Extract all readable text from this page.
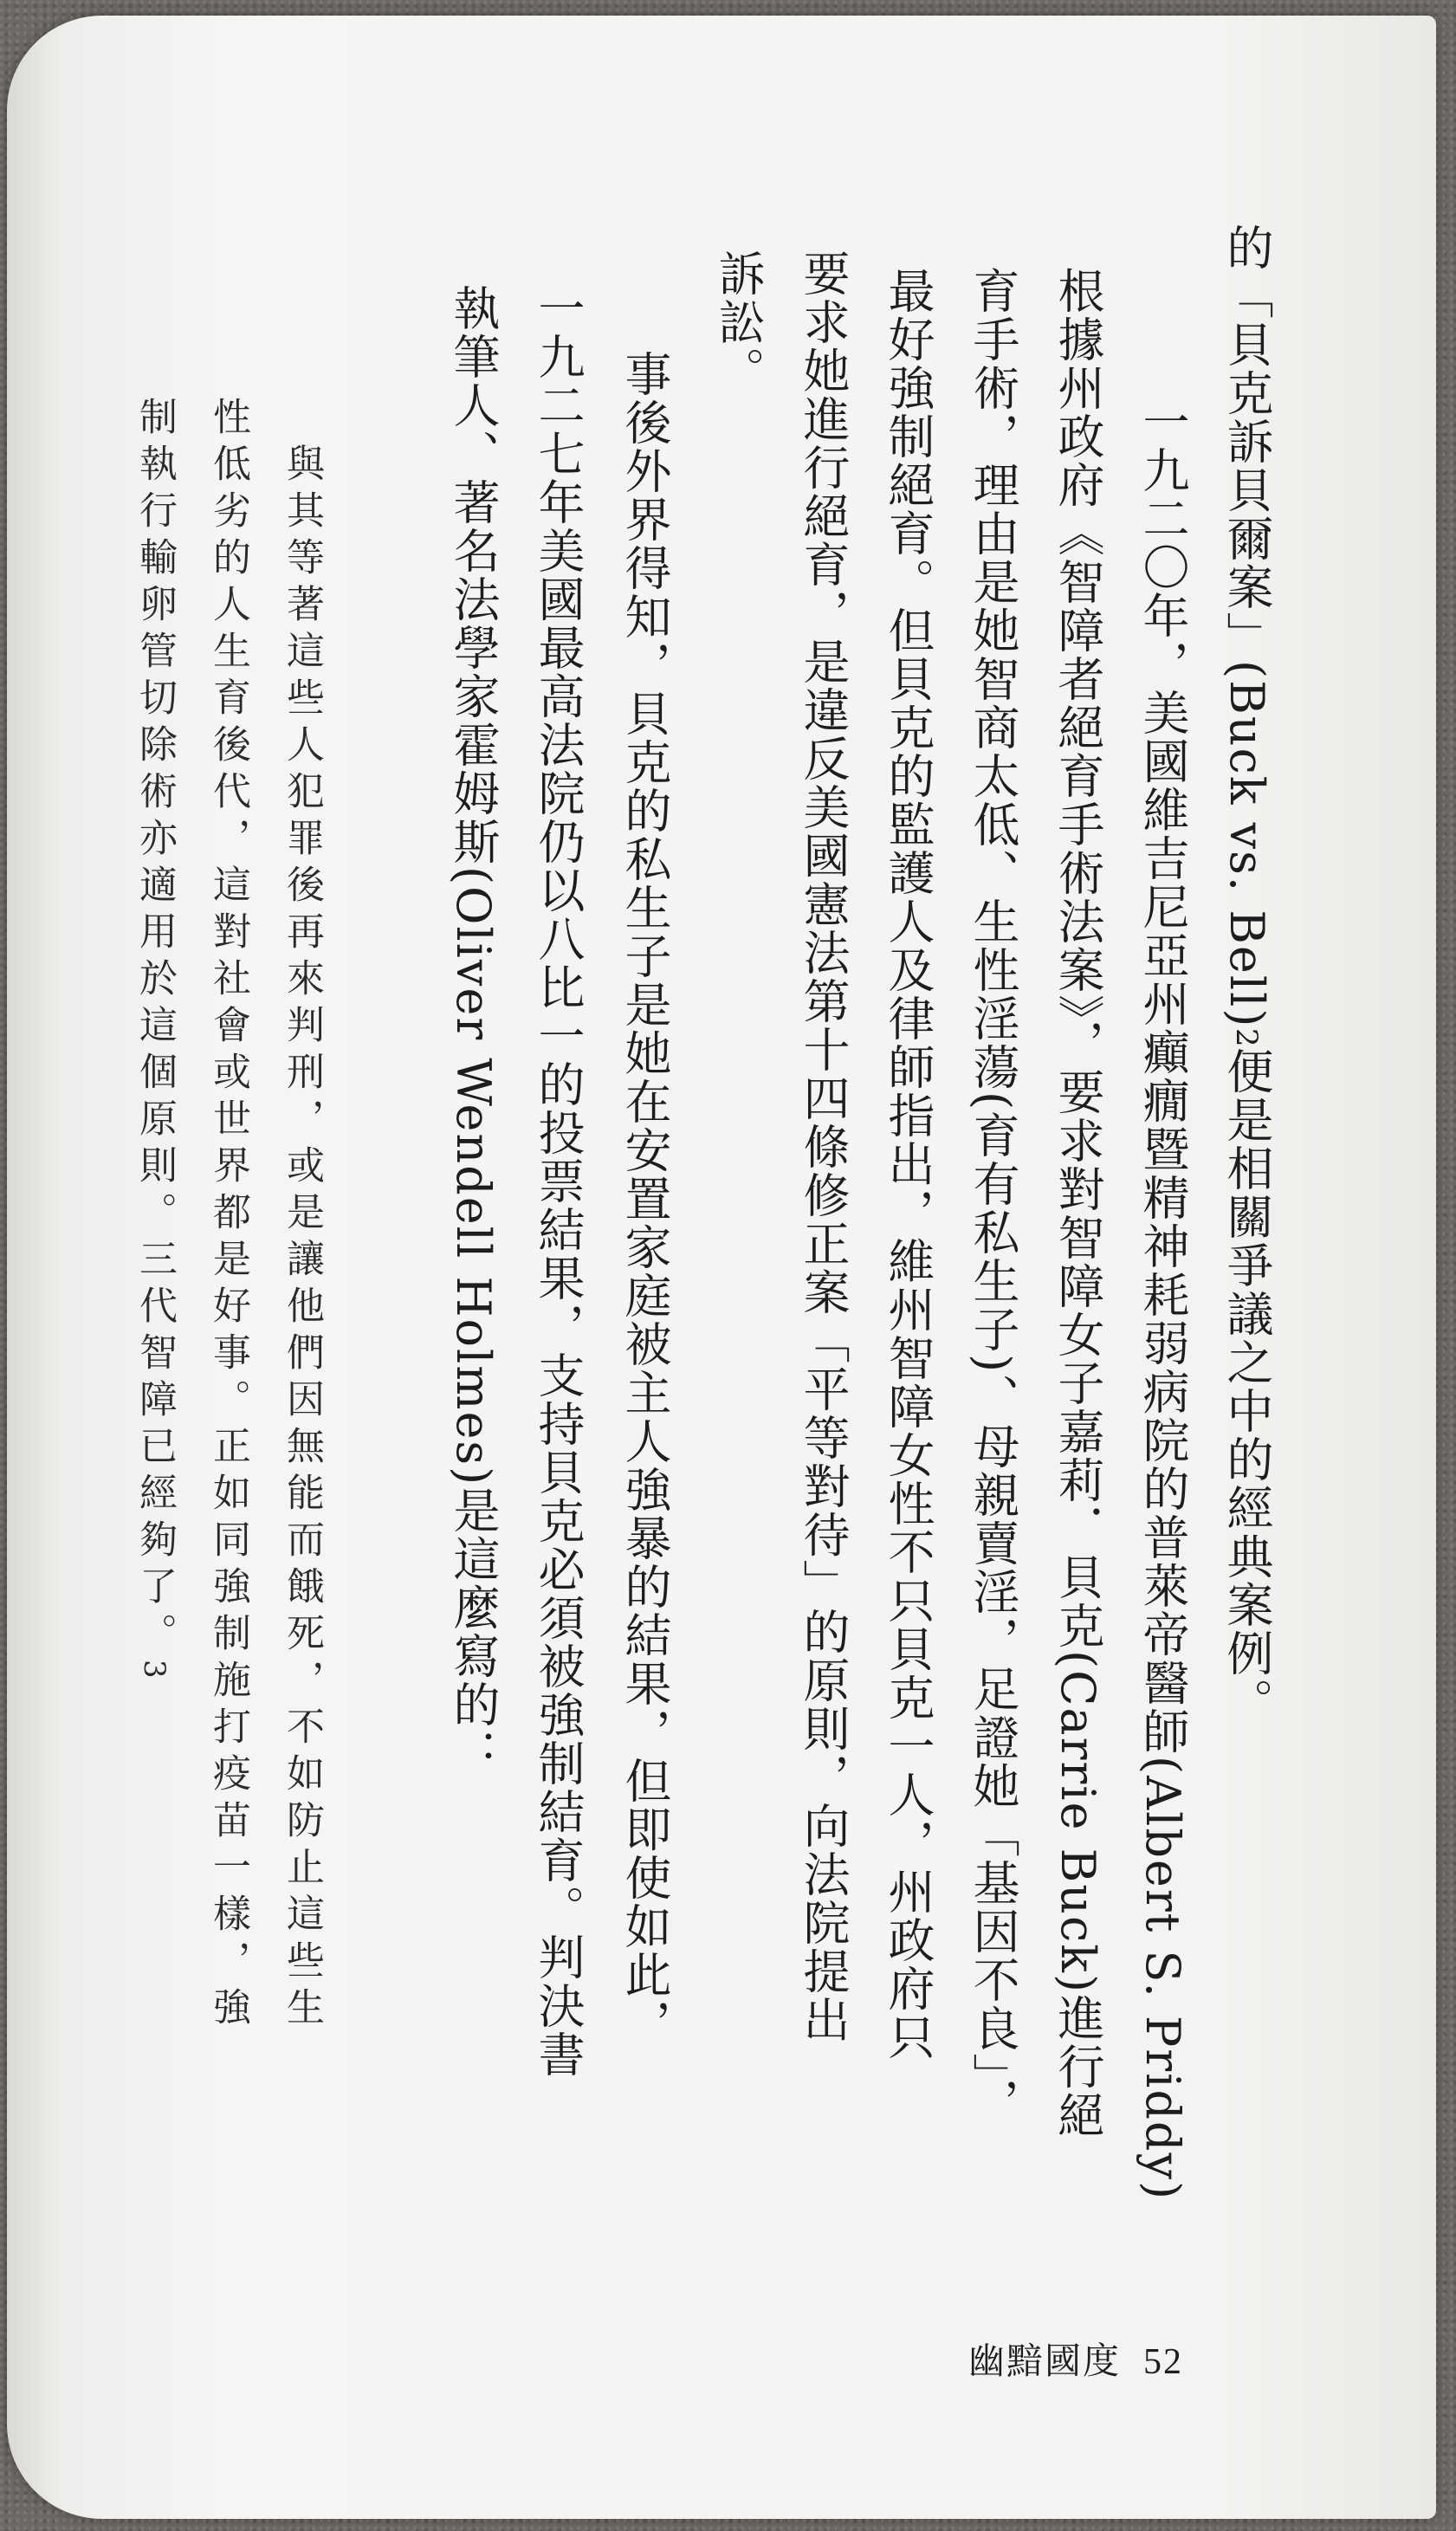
的「貝克訴貝爾案」(Buck vs. Bell)2便是相關爭議之中的經典案例。
　一九二〇年，美國維吉尼亞州癲癇暨精神耗弱病院的普萊帝醫師(Albert S. Priddy)
根據州政府《智障者絕育手術法案》，要求對智障女子嘉莉．貝克(Carrie Buck)進行絕
育手術，理由是她智商太低、生性淫蕩(育有私生子)、母親賣淫，足證她「基因不良」，
最好強制絕育。但貝克的監護人及律師指出，維州智障女性不只貝克一人，州政府只
要求她進行絕育，是違反美國憲法第十四條修正案「平等對待」的原則，向法院提出
訴訟。
　事後外界得知，貝克的私生子是她在安置家庭被主人強暴的結果，但即使如此，
一九二七年美國最高法院仍以八比一的投票結果，支持貝克必須被強制結育。判決書
執筆人、著名法學家霍姆斯(Oliver Wendell Holmes)是這麼寫的：
　與其等著這些人犯罪後再來判刑，或是讓他們因無能而餓死，不如防止這些生
性低劣的人生育後代，這對社會或世界都是好事。正如同強制施打疫苗一樣，強
制執行輸卵管切除術亦適用於這個原則。三代智障已經夠了。3
幽黯國度 52
